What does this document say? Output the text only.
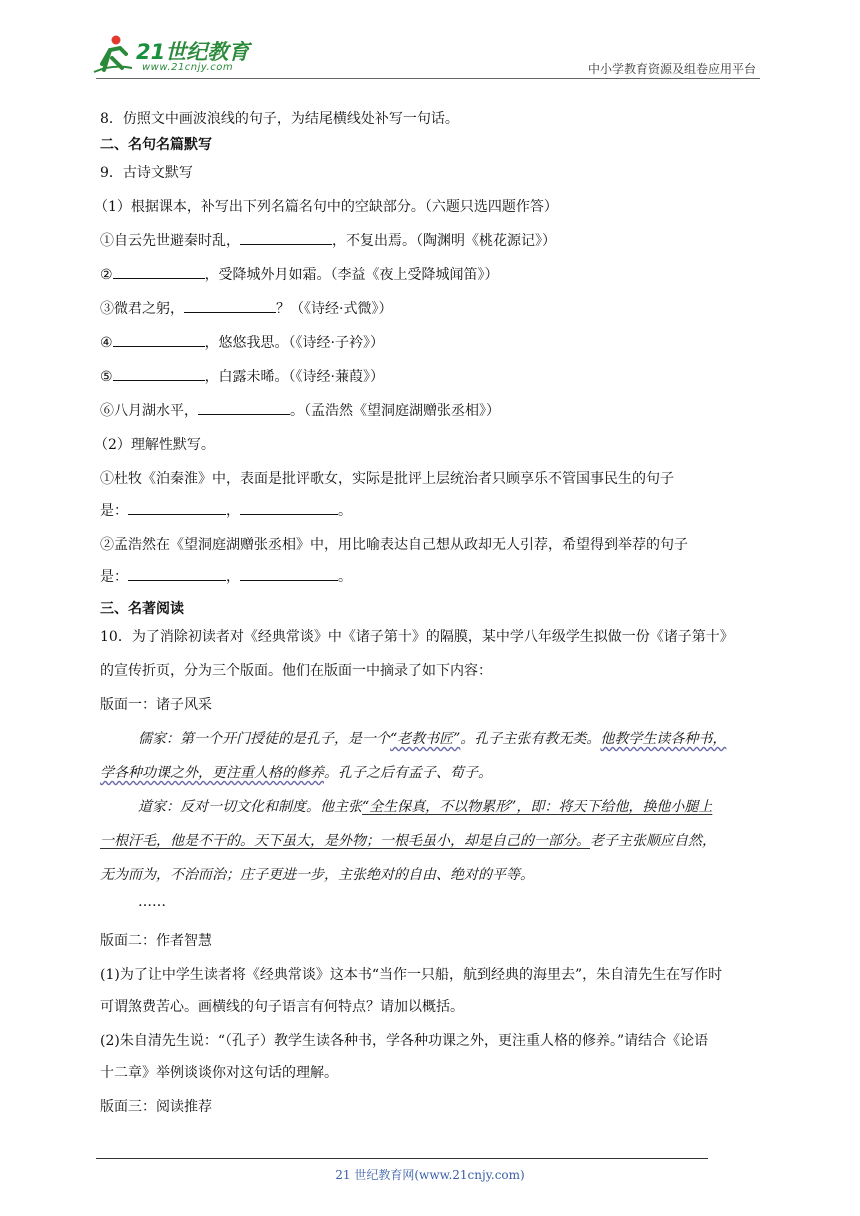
21世纪教育
www.21cnjy.com	中小学教育资源及组卷应用平台
8．仿照文中画波浪线的句子，为结尾横线处补写一句话。
二、名句名篇默写
9．古诗文默写
（1）根据课本，补写出下列名篇名句中的空缺部分。（六题只选四题作答）
①自云先世避秦时乱，	，不复出焉。（陶渊明《桃花源记》）
②	，受降城外月如霜。（李益《夜上受降城闻笛》）
③微君之躬，	？（《诗经·式微》）
④	，悠悠我思。（《诗经·子衿》）
⑤	，白露未晞。（《诗经·蒹葭》）
⑥八月湖水平，	。（孟浩然《望洞庭湖赠张丞相》）
（2）理解性默写。
①杜牧《泊秦淮》中，表面是批评歌女，实际是批评上层统治者只顾享乐不管国事民生的句子
是：	，	。
②孟浩然在《望洞庭湖赠张丞相》中，用比喻表达自己想从政却无人引荐，希望得到举荐的句子
是：	，	。
三、名著阅读
10．为了消除初读者对《经典常谈》中《诸子第十》的隔膜，某中学八年级学生拟做一份《诸子第十》
的宣传折页，分为三个版面。他们在版面一中摘录了如下内容：
版面一：诸子风采
儒家：第一个开门授徒的是孔子，是一个“老教书匠”。孔子主张有教无类。他教学生读各种书，
学各种功课之外，更注重人格的修养。孔子之后有孟子、荀子。
道家：反对一切文化和制度。他主张“全生保真，不以物累形”，即：将天下给他，换他小腿上
一根汗毛，他是不干的。天下虽大，是外物；一根毛虽小，却是自己的一部分。老子主张顺应自然，
无为而为，不治而治；庄子更进一步，主张绝对的自由、绝对的平等。
……
版面二：作者智慧
(1)为了让中学生读者将《经典常谈》这本书“当作一只船，航到经典的海里去”，朱自清先生在写作时
可谓煞费苦心。画横线的句子语言有何特点？请加以概括。
(2)朱自清先生说：“（孔子）教学生读各种书，学各种功课之外，更注重人格的修养。”请结合《论语
十二章》举例谈谈你对这句话的理解。
版面三：阅读推荐
21 世纪教育网(www.21cnjy.com)
